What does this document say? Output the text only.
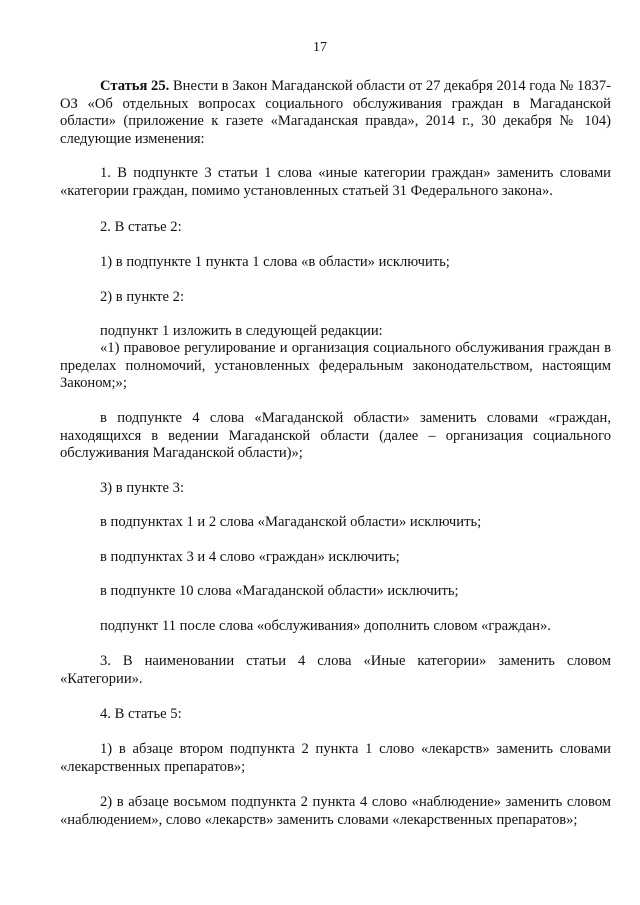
17
Статья 25. Внести в Закон Магаданской области от 27 декабря 2014 года № 1837-ОЗ «Об отдельных вопросах социального обслуживания граждан в Магаданской области» (приложение к газете «Магаданская правда», 2014 г., 30 декабря № 104) следующие изменения:
1. В подпункте 3 статьи 1 слова «иные категории граждан» заменить словами «категории граждан, помимо установленных статьей 31 Федерального закона».
2. В статье 2:
1) в подпункте 1 пункта 1 слова «в области» исключить;
2) в пункте 2:
подпункт 1 изложить в следующей редакции:
«1) правовое регулирование и организация социального обслуживания граждан в пределах полномочий, установленных федеральным законодательством, настоящим Законом;»;
в подпункте 4 слова «Магаданской области» заменить словами «граждан, находящихся в ведении Магаданской области (далее – организация социального обслуживания Магаданской области)»;
3) в пункте 3:
в подпунктах 1 и 2 слова «Магаданской области» исключить;
в подпунктах 3 и 4 слово «граждан» исключить;
в подпункте 10 слова «Магаданской области» исключить;
подпункт 11 после слова «обслуживания» дополнить словом «граждан».
3. В наименовании статьи 4 слова «Иные категории» заменить словом «Категории».
4. В статье 5:
1) в абзаце втором подпункта 2 пункта 1 слово «лекарств» заменить словами «лекарственных препаратов»;
2) в абзаце восьмом подпункта 2 пункта 4 слово «наблюдение» заменить словом «наблюдением», слово «лекарств» заменить словами «лекарственных препаратов»;
